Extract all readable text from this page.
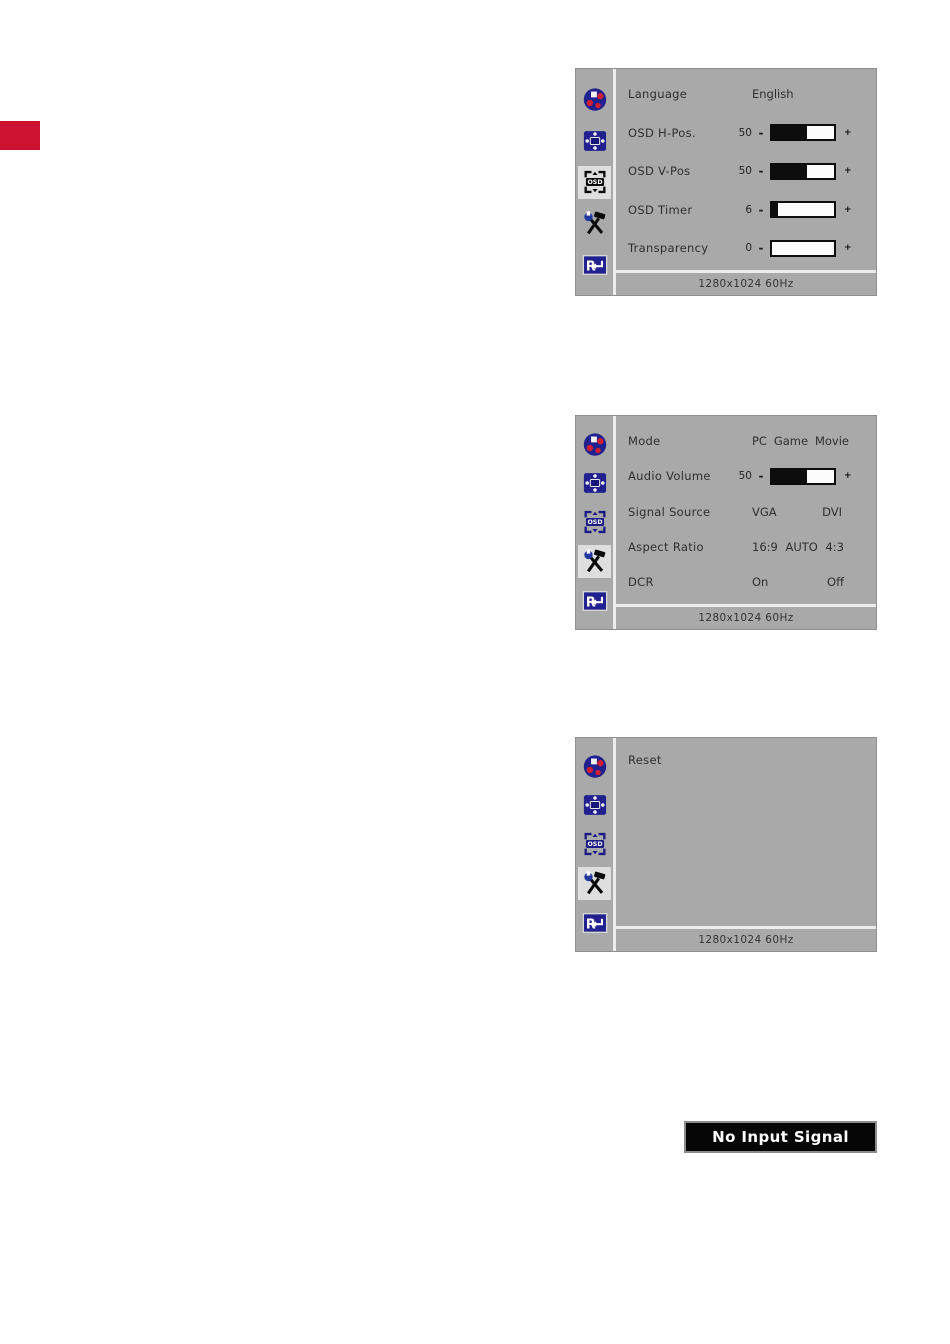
Language	English
OSD H-Pos.	50 -	+
OSD V-Pos	50 -	+
OSD Timer	6 -	+
Transparency	0 -	+
1280x1024 60Hz
Mode	PC Game Movie
Audio Volume	50 -	+
Signal Source	VGA	DVI
Aspect Ratio	16:9 AUTO 4:3
DCR	On	Off
1280x1024 60Hz
Reset
1280x1024 60Hz
No Input Signal
